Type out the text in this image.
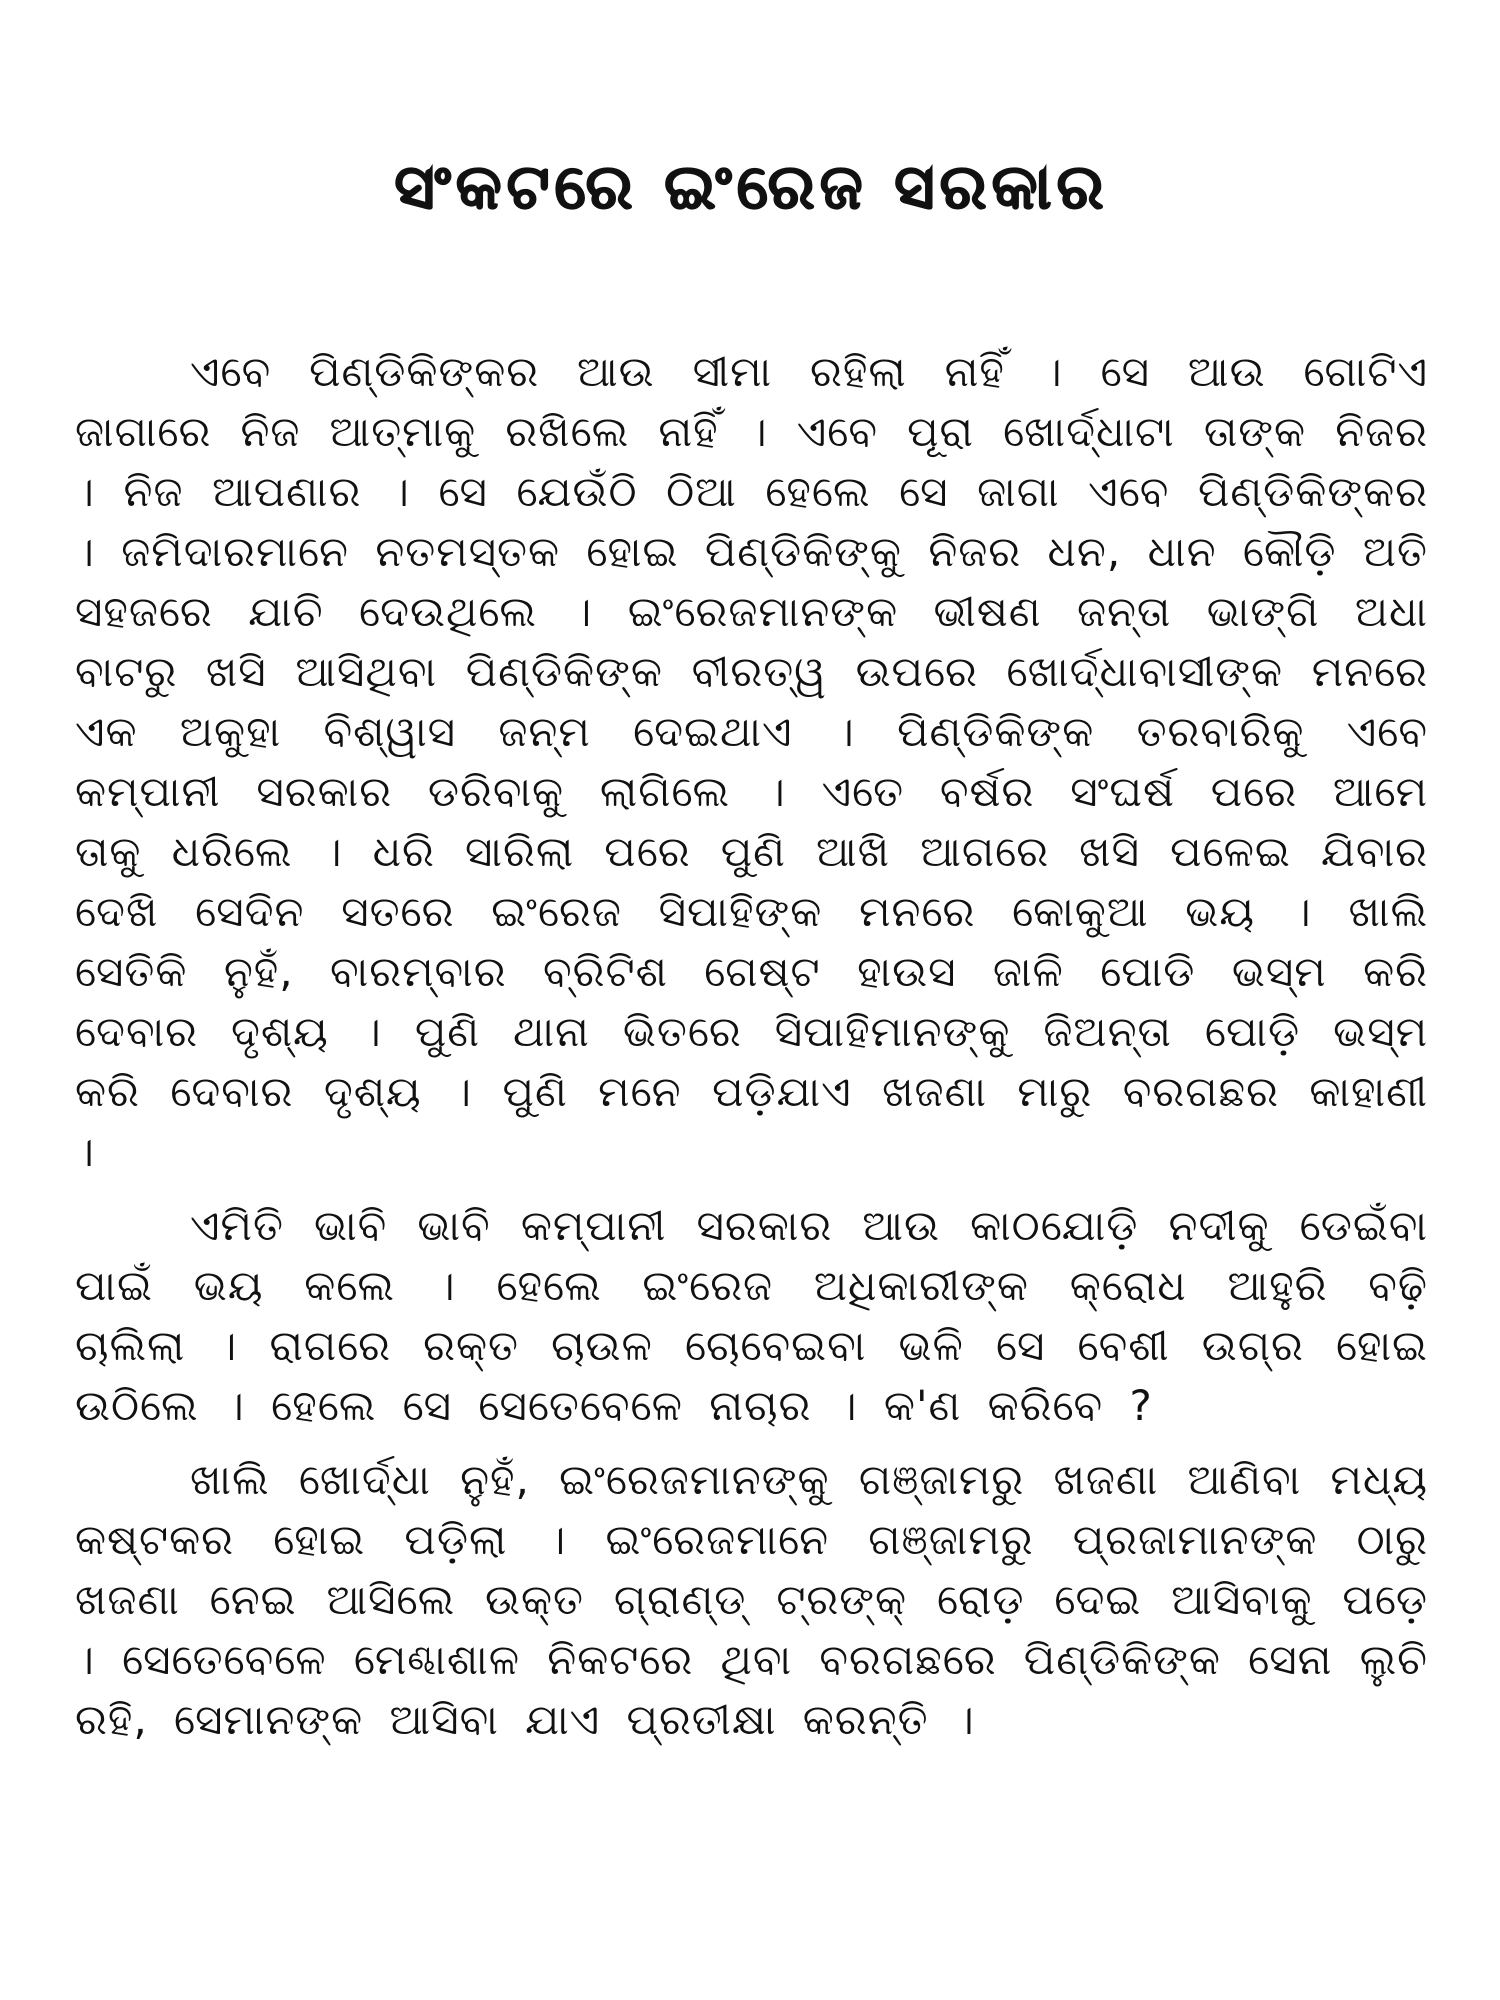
ସଂକଟରେ ଇଂରେଜ ସରକାର

ଏବେ ପିଣ୍ଡିକିଙ୍କର ଆଉ ସୀମା ରହିଲା ନାହିଁ । ସେ ଆଉ ଗୋଟିଏ ଜାଗାରେ ନିଜ ଆତ୍ମାକୁ ରଖିଲେ ନାହିଁ । ଏବେ ପୂରା ଖୋର୍ଦ୍ଧାଟା ତାଙ୍କ ନିଜର । ନିଜ ଆପଣାର । ସେ ଯେଉଁଠି ଠିଆ ହେଲେ ସେ ଜାଗା ଏବେ ପିଣ୍ଡିକିଙ୍କର । ଜମିଦାରମାନେ ନତମସ୍ତକ ହୋଇ ପିଣ୍ଡିକିଙ୍କୁ ନିଜର ଧନ, ଧାନ କୌଡ଼ି ଅତି ସହଜରେ ଯାଚି ଦେଉଥିଲେ । ଇଂରେଜମାନଙ୍କ ଭୀଷଣ ଜନ୍ତା ଭାଙ୍ଗି ଅଧା ବାଟରୁ ଖସି ଆସିଥିବା ପିଣ୍ଡିକିଙ୍କ ବୀରତ୍ୱ ଉପରେ ଖୋର୍ଦ୍ଧାବାସୀଙ୍କ ମନରେ ଏକ ଅକୁହା ବିଶ୍ୱାସ ଜନ୍ମ ଦେଇଥାଏ । ପିଣ୍ଡିକିଙ୍କ ତରବାରିକୁ ଏବେ କମ୍ପାନୀ ସରକାର ଡରିବାକୁ ଲାଗିଲେ । ଏତେ ବର୍ଷର ସଂଘର୍ଷ ପରେ ଆମେ ତାକୁ ଧରିଲେ । ଧରି ସାରିଲା ପରେ ପୁଣି ଆଖି ଆଗରେ ଖସି ପଳେଇ ଯିବାର ଦେଖି ସେଦିନ ସତରେ ଇଂରେଜ ସିପାହିଙ୍କ ମନରେ କୋକୁଆ ଭୟ । ଖାଲି ସେତିକି ନୁହଁ, ବାରମ୍ବାର ବ୍ରିଟିଶ ଗେଷ୍ଟ ହାଉସ ଜାଳି ପୋଡି ଭସ୍ମ କରି ଦେବାର ଦୃଶ୍ୟ । ପୁଣି ଥାନା ଭିତରେ ସିପାହିମାନଙ୍କୁ ଜିଅନ୍ତା ପୋଡ଼ି ଭସ୍ମ କରି ଦେବାର ଦୃଶ୍ୟ । ପୁଣି ମନେ ପଡ଼ିଯାଏ ଖଜଣା ମାରୁ ବରଗଛର କାହାଣୀ ।

ଏମିତି ଭାବି ଭାବି କମ୍ପାନୀ ସରକାର ଆଉ କାଠଯୋଡ଼ି ନଦୀକୁ ଡେଇଁବା ପାଇଁ ଭୟ କଲେ । ହେଲେ ଇଂରେଜ ଅଧିକାରୀଙ୍କ କ୍ରୋଧ ଆହୁରି ବଢ଼ି ଚାଲିଲା । ରାଗରେ ରକ୍ତ ଚାଉଳ ଚୋବେଇବା ଭଳି ସେ ବେଶୀ ଉଗ୍ର ହୋଇ ଉଠିଲେ । ହେଲେ ସେ ସେତେବେଳେ ନାଚାର । କ'ଣ କରିବେ ?

ଖାଲି ଖୋର୍ଦ୍ଧା ନୁହଁ, ଇଂରେଜମାନଙ୍କୁ ଗଞ୍ଜାମରୁ ଖଜଣା ଆଣିବା ମଧ୍ୟ କଷ୍ଟକର ହୋଇ ପଡ଼ିଲା । ଇଂରେଜମାନେ ଗଞ୍ଜାମରୁ ପ୍ରଜାମାନଙ୍କ ଠାରୁ ଖଜଣା ନେଇ ଆସିଲେ ଉକ୍ତ ଗ୍ରାଣ୍ଡ୍ ଟ୍ରଙ୍କ୍ ରୋଡ଼ ଦେଇ ଆସିବାକୁ ପଡ଼େ । ସେତେବେଳେ ମେଣ୍ଢାଶାଳ ନିକଟରେ ଥିବା ବରଗଛରେ ପିଣ୍ଡିକିଙ୍କ ସେନା ଲୁଚି ରହି, ସେମାନଙ୍କ ଆସିବା ଯାଏ ପ୍ରତୀକ୍ଷା କରନ୍ତି ।
